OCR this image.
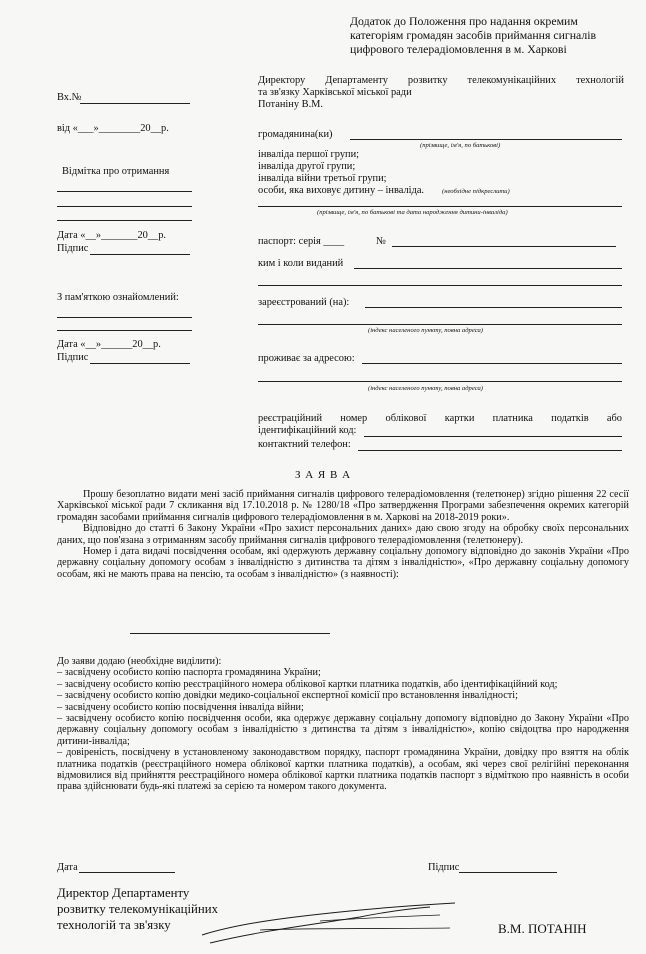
Додаток до Положення про надання окремим
категоріям громадян засобів приймання сигналів
цифрового телерадіомовлення в м. Харкові
Директору Департаменту розвитку телекомунікаційних технологій
та зв'язку Харківської міської ради
Потаніну В.М.
Вх.№
від «___»________20__р.
Відмітка про отримання
Дата «__»_______20__р.
Підпис
З пам'яткою ознайомлений:
Дата «__»______20__р.
Підпис
громадянина(ки)
(прізвище, ім'я, по батькові)
інваліда першої групи;
інваліда другої групи;
інваліда війни третьої групи;
особи, яка виховує дитину – інваліда.	(необхідне підкреслити)
(прізвище, ім'я, по батькові та дата народження дитини-інваліда)
паспорт: серія ____	№
ким і коли виданий
зареєстрований (на):
(індекс населеного пункту, повна адреса)
проживає за адресою:
(індекс населеного пункту, повна адреса)
реєстраційний номер облікової картки платника податків або
ідентифікаційний код:
контактний телефон:
З А Я В А

Прошу безоплатно видати мені засіб приймання сигналів цифрового телерадіомовлення (телетюнер) згідно рішення 22 сесії Харківської міської ради 7 скликання від 17.10.2018 р. № 1280/18 «Про затвердження Програми забезпечення окремих категорій громадян засобами приймання сигналів цифрового телерадіомовлення в м. Харкові на 2018-2019 роки».

Відповідно до статті 6 Закону України «Про захист персональних даних» даю свою згоду на обробку своїх персональних даних, що пов'язана з отриманням засобу приймання сигналів цифрового телерадіомовлення (телетюнеру).

Номер і дата видачі посвідчення особам, які одержують державну соціальну допомогу відповідно до законів України «Про державну соціальну допомогу особам з інвалідністю з дитинства та дітям з інвалідністю», «Про державну соціальну допомогу особам, які не мають права на пенсію, та особам з інвалідністю» (з наявності):

До заяви додаю (необхідне виділити):

– засвідчену особисто копію паспорта громадянина України;

– засвідчену особисто копію реєстраційного номера облікової картки платника податків, або ідентифікаційний код;

– засвідчену особисто копію довідки медико-соціальної експертної комісії про встановлення інвалідності;

– засвідчену особисто копію посвідчення інваліда війни;

– засвідчену особисто копію посвідчення особи, яка одержує державну соціальну допомогу відповідно до Закону України «Про державну соціальну допомогу особам з інвалідністю з дитинства та дітям з інвалідністю», копію свідоцтва про народження дитини-інваліда;

– довіреність, посвідчену в установленому законодавством порядку, паспорт громадянина України, довідку про взяття на облік платника податків (реєстраційного номера облікової картки платника податків), а особам, які через свої релігійні переконання відмовилися від прийняття реєстраційного номера облікової картки платника податків паспорт з відміткою про наявність в особи права здійснювати будь-які платежі за серією та номером такого документа.

Дата	Підпис
Директор Департаменту
розвитку телекомунікаційних
технологій та зв'язку	В.М. ПОТАНІН
